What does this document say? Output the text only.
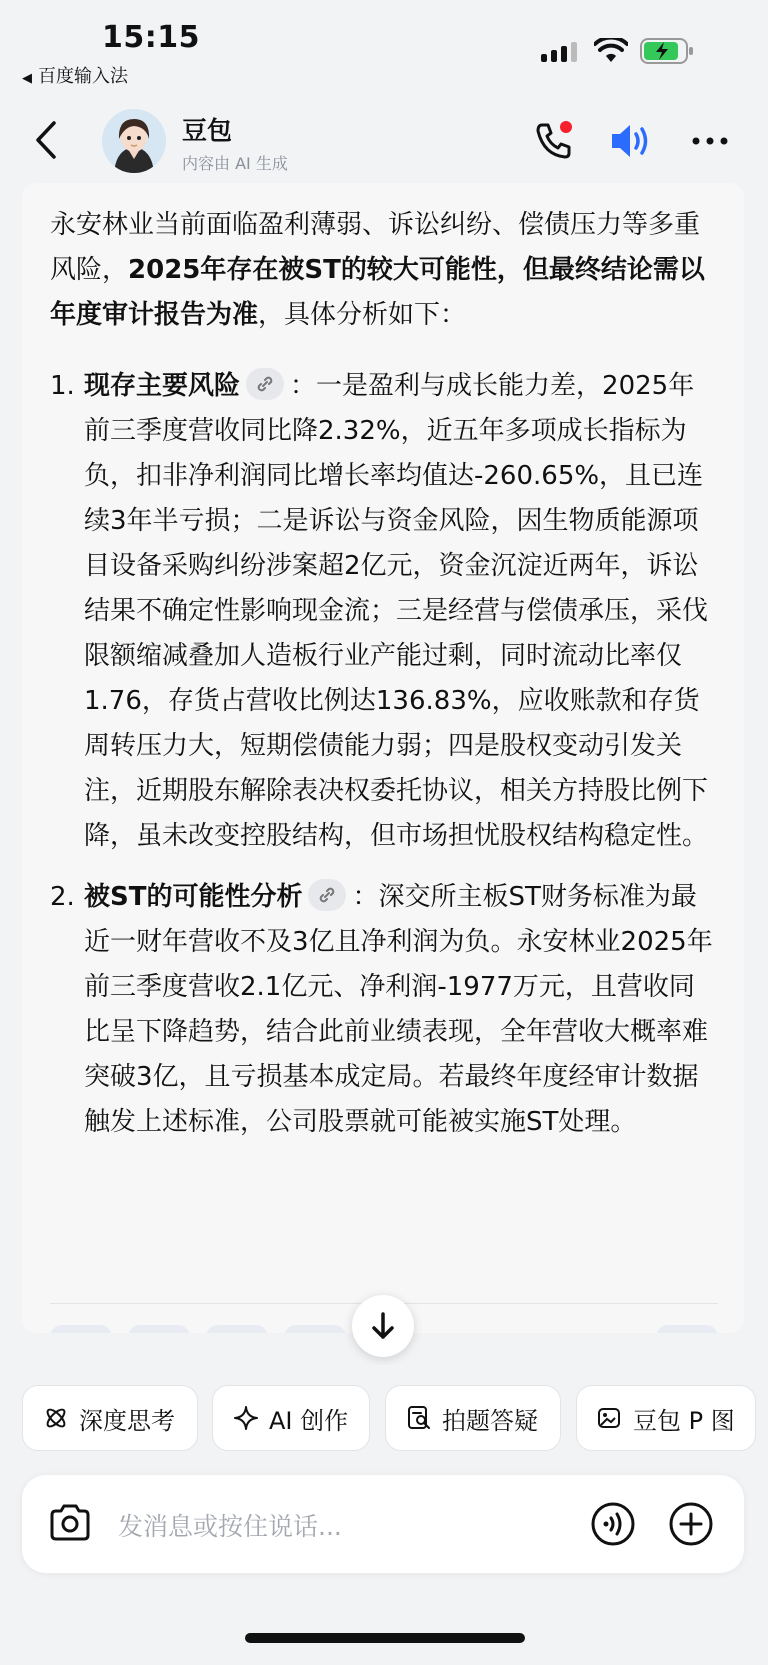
15:15
◀ 百度输入法
豆包
内容由 AI 生成

永安林业当前面临盈利薄弱、诉讼纠纷、偿债压力等多重风险，2025年存在被ST的较大可能性，但最终结论需以年度审计报告为准，具体分析如下：

1. 现存主要风险 ：一是盈利与成长能力差，2025年前三季度营收同比降2.32%，近五年多项成长指标为负，扣非净利润同比增长率均值达-260.65%，且已连续3年半亏损；二是诉讼与资金风险，因生物质能源项目设备采购纠纷涉案超2亿元，资金沉淀近两年，诉讼结果不确定性影响现金流；三是经营与偿债承压，采伐限额缩减叠加人造板行业产能过剩，同时流动比率仅1.76，存货占营收比例达136.83%，应收账款和存货周转压力大，短期偿债能力弱；四是股权变动引发关注，近期股东解除表决权委托协议，相关方持股比例下降，虽未改变控股结构，但市场担忧股权结构稳定性。
2. 被ST的可能性分析 ：深交所主板ST财务标准为最近一财年营收不及3亿且净利润为负。永安林业2025年前三季度营收2.1亿元、净利润-1977万元，且营收同比呈下降趋势，结合此前业绩表现，全年营收大概率难突破3亿，且亏损基本成定局。若最终年度经审计数据触发上述标准，公司股票就可能被实施ST处理。
深度思考	AI 创作	拍题答疑	豆包 P 图
发消息或按住说话...
